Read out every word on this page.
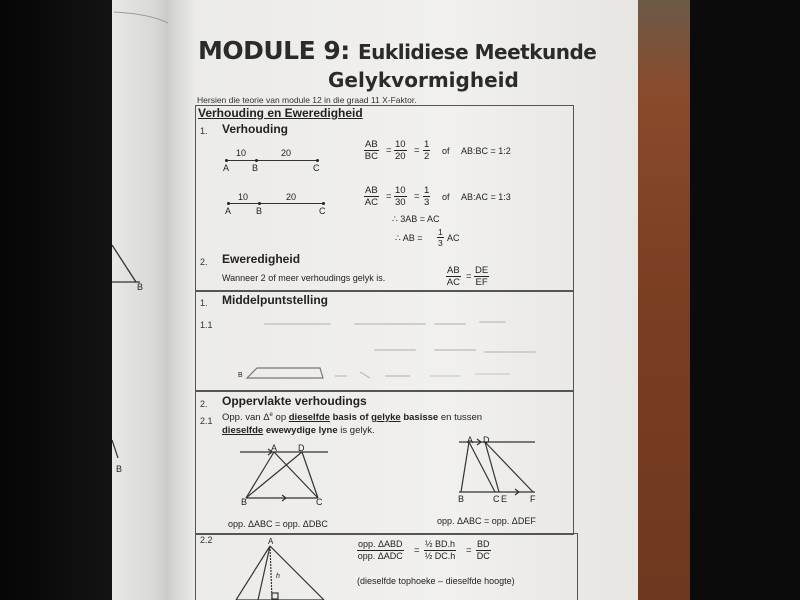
B
B
MODULE 9: Euklidiese Meetkunde
Gelykvormigheid
Hersien die teorie van module 12 in die graad 11 X-Faktor.
Verhouding en Eweredigheid
1. Verhouding
10	20
A	B	C
$\frac{AB}{BC} = \frac{10}{20} = \frac{1}{2}$ of AB:BC = 1:2
10	20
A	B	C
$\frac{AB}{AC} = \frac{10}{30} = \frac{1}{3}$ of AB:AC = 1:3
∴ 3AB = AC
∴ AB = $\frac{1}{3}$ AC
2. Eweredigheid
Wanneer 2 of meer verhoudings gelyk is.	$\frac{AB}{AC} = \frac{DE}{EF}$
1. Middelpuntstelling
1.1
B
2. Oppervlakte verhoudings
2.1 Opp. van $\Delta^e$ op dieselfde basis of gelyke basisse en tussen
dieselfde ewewydige lyne is gelyk.
A D
B	C
A D
B	C E	F
opp. ΔABC = opp. ΔDBC	opp. ΔABC = opp. ΔDEF
2.2	A
h
opp. ΔABD
opp. $\Delta ADC = \frac{\text{½ BD.h}}{\text{½ DC.h}} = \frac{BD}{DC}$
(dieselfde tophoeke – dieselfde hoogte)
